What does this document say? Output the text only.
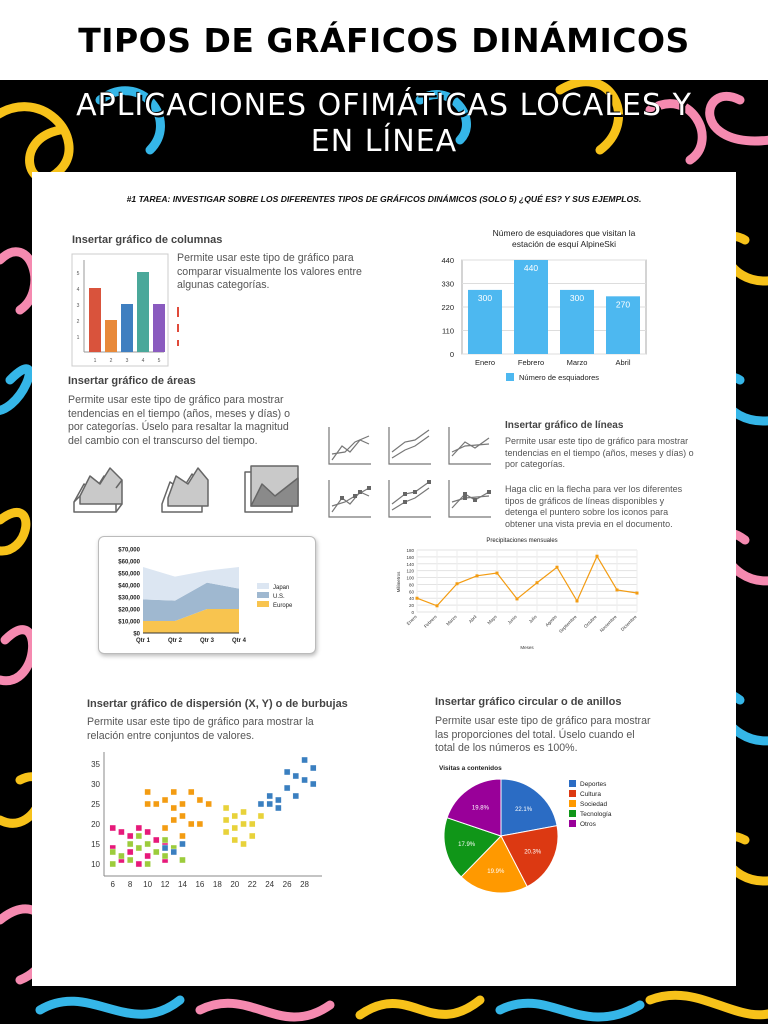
TIPOS DE GRÁFICOS DINÁMICOS
APLICACIONES OFIMÁTICAS LOCALES Y
EN LÍNEA
#1 TAREA: INVESTIGAR SOBRE LOS DIFERENTES TIPOS DE GRÁFICOS DINÁMICOS (SOLO 5) ¿QUÉ ES? Y SUS EJEMPLOS.
Insertar gráfico de columnas
1
2
3
4
5
1	2	3	4	5
Permite usar este tipo de gráfico para
comparar visualmente los valores entre
algunas categorías.
Número de esquiadores que visitan la
estación de esquí AlpineSki
0
110
220
330
440
300
Enero
440
Febrero
300
Marzo
270
Abril
Número de esquiadores
Insertar gráfico de áreas
Permite usar este tipo de gráfico para mostrar
tendencias en el tiempo (años, meses y días) o
por categorías. Úselo para resaltar la magnitud
del cambio con el transcurso del tiempo.
Insertar gráfico de líneas
Permite usar este tipo de gráfico para mostrar
tendencias en el tiempo (años, meses y días) o
por categorías.
Haga clic en la flecha para ver los diferentes
tipos de gráficos de líneas disponibles y
detenga el puntero sobre los iconos para
obtener una vista previa en el documento.
$0
$10,000
$20,000
$30,000
$40,000
$50,000
$60,000
$70,000
Qtr 1	Qtr 2	Qtr 3	Qtr 4
Japan
U.S.
Europe
Precipitaciones mensuales
0
20
40
60
80
100
120
140
160
180
Enero Febrero Marzo Abril Mayo Junio Julio Agosto Septiembre Octubre Noviembre Diciembre
Meses
Milímetros
Insertar gráfico de dispersión (X, Y) o de burbujas
Permite usar este tipo de gráfico para mostrar la
relación entre conjuntos de valores.
10
15
20
25
30
35
6 8 10 12 14 16 18 20 22 24 26 28
Insertar gráfico circular o de anillos
Permite usar este tipo de gráfico para mostrar
las proporciones del total. Úselo cuando el
total de los números es 100%.
Visitas a contenidos
22.1%
20.3%
19.9%
17.9%
19.8%
Deportes
Cultura
Sociedad
Tecnología
Otros
